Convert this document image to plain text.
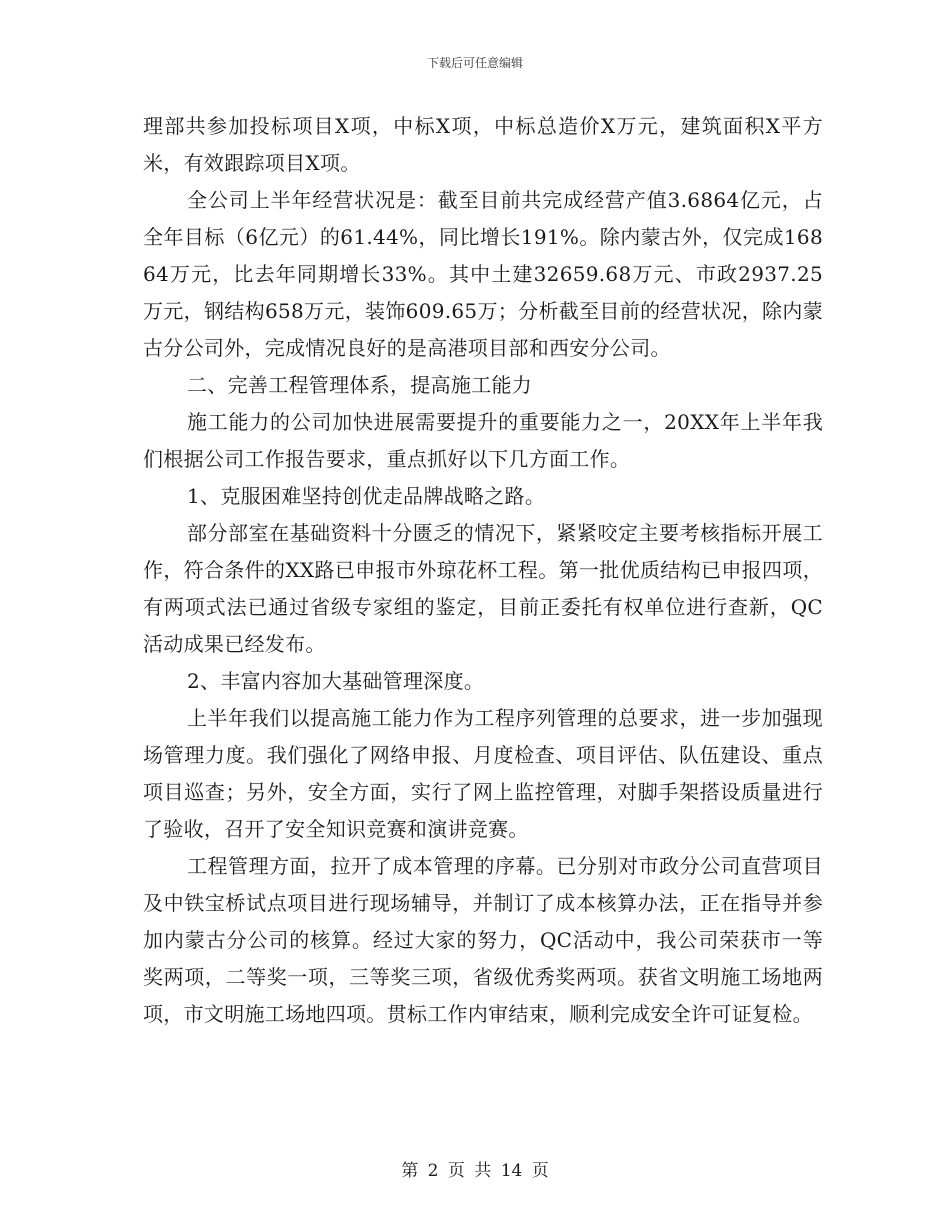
下载后可任意编辑

理部共参加投标项目X项，中标X项，中标总造价X万元，建筑面积X平方米，有效跟踪项目X项。

全公司上半年经营状况是：截至目前共完成经营产值3.6864亿元，占全年目标（6亿元）的61.44%，同比增长191%。除内蒙古外，仅完成16864万元，比去年同期增长33%。其中土建32659.68万元、市政2937.25万元，钢结构658万元，装饰609.65万；分析截至目前的经营状况，除内蒙古分公司外，完成情况良好的是高港项目部和西安分公司。

二、完善工程管理体系，提高施工能力

施工能力的公司加快进展需要提升的重要能力之一，20XX年上半年我们根据公司工作报告要求，重点抓好以下几方面工作。

1、克服困难坚持创优走品牌战略之路。

部分部室在基础资料十分匮乏的情况下，紧紧咬定主要考核指标开展工作，符合条件的XX路已申报市外琼花杯工程。第一批优质结构已申报四项，有两项式法已通过省级专家组的鉴定，目前正委托有权单位进行查新，QC活动成果已经发布。

2、丰富内容加大基础管理深度。

上半年我们以提高施工能力作为工程序列管理的总要求，进一步加强现场管理力度。我们强化了网络申报、月度检查、项目评估、队伍建设、重点项目巡查；另外，安全方面，实行了网上监控管理，对脚手架搭设质量进行了验收，召开了安全知识竞赛和演讲竞赛。

工程管理方面，拉开了成本管理的序幕。已分别对市政分公司直营项目及中铁宝桥试点项目进行现场辅导，并制订了成本核算办法，正在指导并参加内蒙古分公司的核算。经过大家的努力，QC活动中，我公司荣获市一等奖两项，二等奖一项，三等奖三项，省级优秀奖两项。获省文明施工场地两项，市文明施工场地四项。贯标工作内审结束，顺利完成安全许可证复检。

第 2 页 共 14 页
